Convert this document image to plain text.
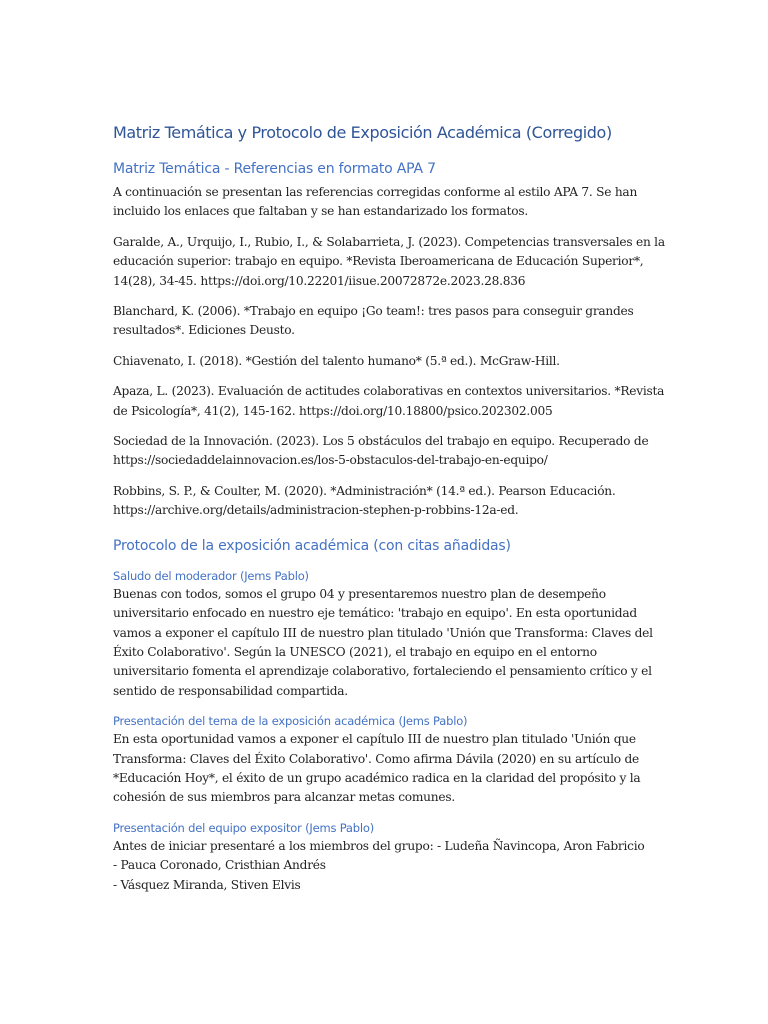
Matriz Temática y Protocolo de Exposición Académica (Corregido)
Matriz Temática - Referencias en formato APA 7

A continuación se presentan las referencias corregidas conforme al estilo APA 7. Se han
incluido los enlaces que faltaban y se han estandarizado los formatos.

Garalde, A., Urquijo, I., Rubio, I., & Solabarrieta, J. (2023). Competencias transversales en la
educación superior: trabajo en equipo. *Revista Iberoamericana de Educación Superior*,
14(28), 34-45. https://doi.org/10.22201/iisue.20072872e.2023.28.836

Blanchard, K. (2006). *Trabajo en equipo ¡Go team!: tres pasos para conseguir grandes
resultados*. Ediciones Deusto.

Chiavenato, I. (2018). *Gestión del talento humano* (5.ª ed.). McGraw-Hill.

Apaza, L. (2023). Evaluación de actitudes colaborativas en contextos universitarios. *Revista
de Psicología*, 41(2), 145-162. https://doi.org/10.18800/psico.202302.005

Sociedad de la Innovación. (2023). Los 5 obstáculos del trabajo en equipo. Recuperado de
https://sociedaddelainnovacion.es/los-5-obstaculos-del-trabajo-en-equipo/

Robbins, S. P., & Coulter, M. (2020). *Administración* (14.ª ed.). Pearson Educación.
https://archive.org/details/administracion-stephen-p-robbins-12a-ed.

Protocolo de la exposición académica (con citas añadidas)
Saludo del moderador (Jems Pablo)

Buenas con todos, somos el grupo 04 y presentaremos nuestro plan de desempeño
universitario enfocado en nuestro eje temático: 'trabajo en equipo'. En esta oportunidad
vamos a exponer el capítulo III de nuestro plan titulado 'Unión que Transforma: Claves del
Éxito Colaborativo'. Según la UNESCO (2021), el trabajo en equipo en el entorno
universitario fomenta el aprendizaje colaborativo, fortaleciendo el pensamiento crítico y el
sentido de responsabilidad compartida.

Presentación del tema de la exposición académica (Jems Pablo)

En esta oportunidad vamos a exponer el capítulo III de nuestro plan titulado 'Unión que
Transforma: Claves del Éxito Colaborativo'. Como afirma Dávila (2020) en su artículo de
*Educación Hoy*, el éxito de un grupo académico radica en la claridad del propósito y la
cohesión de sus miembros para alcanzar metas comunes.

Presentación del equipo expositor (Jems Pablo)

Antes de iniciar presentaré a los miembros del grupo: - Ludeña Ñavincopa, Aron Fabricio
- Pauca Coronado, Cristhian Andrés
- Vásquez Miranda, Stiven Elvis
